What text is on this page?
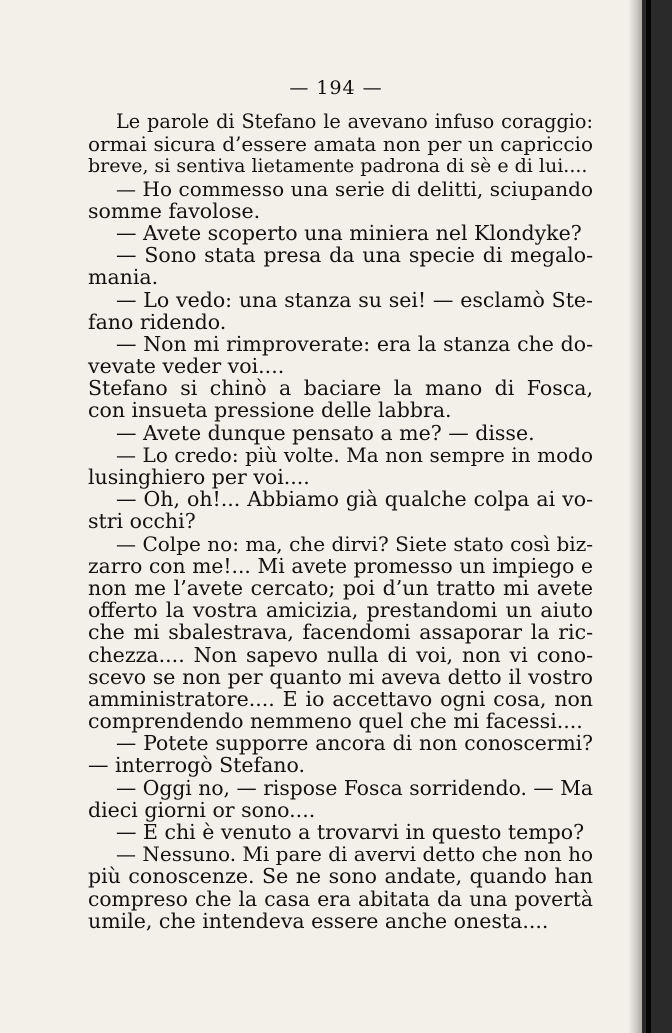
— 194 —
Le parole di Stefano le avevano infuso coraggio:
ormai sicura d’essere amata non per un capriccio
breve, si sentiva lietamente padrona di sè e di lui....
— Ho commesso una serie di delitti, sciupando
somme favolose.
— Avete scoperto una miniera nel Klondyke?
— Sono stata presa da una specie di megalo-
mania.
— Lo vedo: una stanza su sei! — esclamò Ste-
fano ridendo.
— Non mi rimproverate: era la stanza che do-
vevate veder voi....
Stefano si chinò a baciare la mano di Fosca,
con insueta pressione delle labbra.
— Avete dunque pensato a me? — disse.
— Lo credo: più volte. Ma non sempre in modo
lusinghiero per voi....
— Oh, oh!... Abbiamo già qualche colpa ai vo-
stri occhi?
— Colpe no: ma, che dirvi? Siete stato così biz-
zarro con me!... Mi avete promesso un impiego e
non me l’avete cercato; poi d’un tratto mi avete
offerto la vostra amicizia, prestandomi un aiuto
che mi sbalestrava, facendomi assaporar la ric-
chezza.... Non sapevo nulla di voi, non vi cono-
scevo se non per quanto mi aveva detto il vostro
amministratore.... E io accettavo ogni cosa, non
comprendendo nemmeno quel che mi facessi....
— Potete supporre ancora di non conoscermi?
— interrogò Stefano.
— Oggi no, — rispose Fosca sorridendo. — Ma
dieci giorni or sono....
— E chi è venuto a trovarvi in questo tempo?
— Nessuno. Mi pare di avervi detto che non ho
più conoscenze. Se ne sono andate, quando han
compreso che la casa era abitata da una povertà
umile, che intendeva essere anche onesta....
